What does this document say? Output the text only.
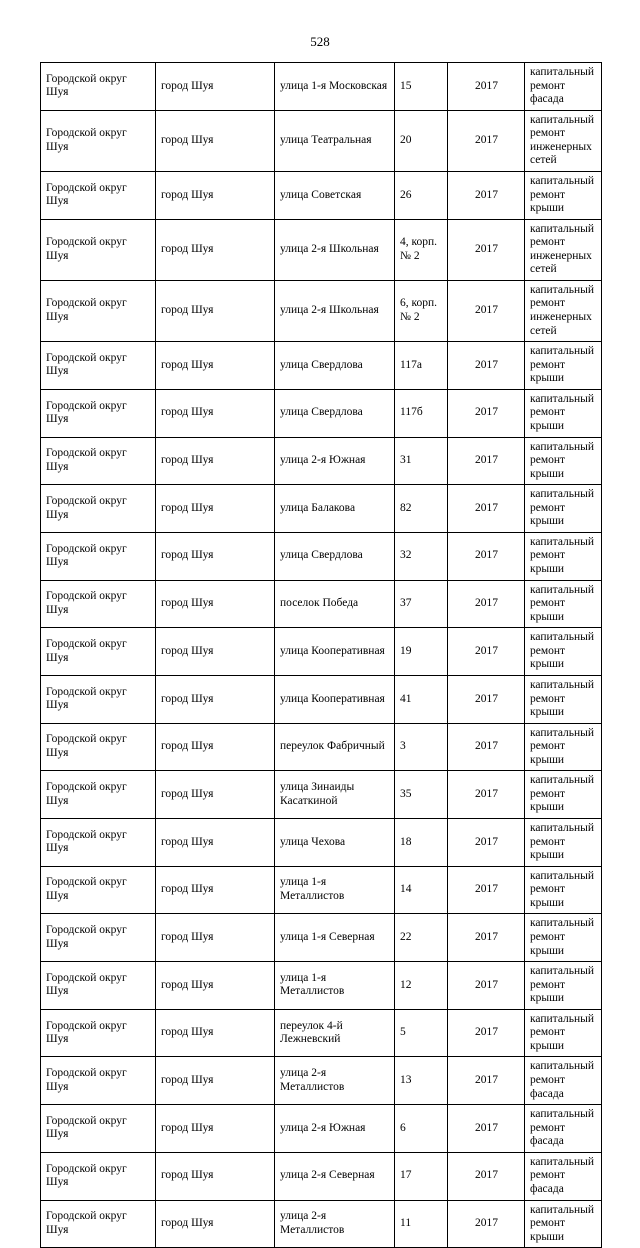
528
Городской округ Шуя	город Шуя	улица 1-я Московская	15	2017	капитальный ремонт фасада
Городской округ Шуя	город Шуя	улица Театральная	20	2017	капитальный ремонт инженерных сетей
Городской округ Шуя	город Шуя	улица Советская	26	2017	капитальный ремонт крыши
Городской округ Шуя	город Шуя	улица 2-я Школьная	4, корп. № 2	2017	капитальный ремонт инженерных сетей
Городской округ Шуя	город Шуя	улица 2-я Школьная	6, корп. № 2	2017	капитальный ремонт инженерных сетей
Городской округ Шуя	город Шуя	улица Свердлова	117а	2017	капитальный ремонт крыши
Городской округ Шуя	город Шуя	улица Свердлова	117б	2017	капитальный ремонт крыши
Городской округ Шуя	город Шуя	улица 2-я Южная	31	2017	капитальный ремонт крыши
Городской округ Шуя	город Шуя	улица Балакова	82	2017	капитальный ремонт крыши
Городской округ Шуя	город Шуя	улица Свердлова	32	2017	капитальный ремонт крыши
Городской округ Шуя	город Шуя	поселок Победа	37	2017	капитальный ремонт крыши
Городской округ Шуя	город Шуя	улица Кооперативная	19	2017	капитальный ремонт крыши
Городской округ Шуя	город Шуя	улица Кооперативная	41	2017	капитальный ремонт крыши
Городской округ Шуя	город Шуя	переулок Фабричный	3	2017	капитальный ремонт крыши
Городской округ Шуя	город Шуя	улица Зинаиды Касаткиной	35	2017	капитальный ремонт крыши
Городской округ Шуя	город Шуя	улица Чехова	18	2017	капитальный ремонт крыши
Городской округ Шуя	город Шуя	улица 1-я Металлистов	14	2017	капитальный ремонт крыши
Городской округ Шуя	город Шуя	улица 1-я Северная	22	2017	капитальный ремонт крыши
Городской округ Шуя	город Шуя	улица 1-я Металлистов	12	2017	капитальный ремонт крыши
Городской округ Шуя	город Шуя	переулок 4-й Лежневский	5	2017	капитальный ремонт крыши
Городской округ Шуя	город Шуя	улица 2-я Металлистов	13	2017	капитальный ремонт фасада
Городской округ Шуя	город Шуя	улица 2-я Южная	6	2017	капитальный ремонт фасада
Городской округ Шуя	город Шуя	улица 2-я Северная	17	2017	капитальный ремонт фасада
Городской округ Шуя	город Шуя	улица 2-я Металлистов	11	2017	капитальный ремонт крыши
